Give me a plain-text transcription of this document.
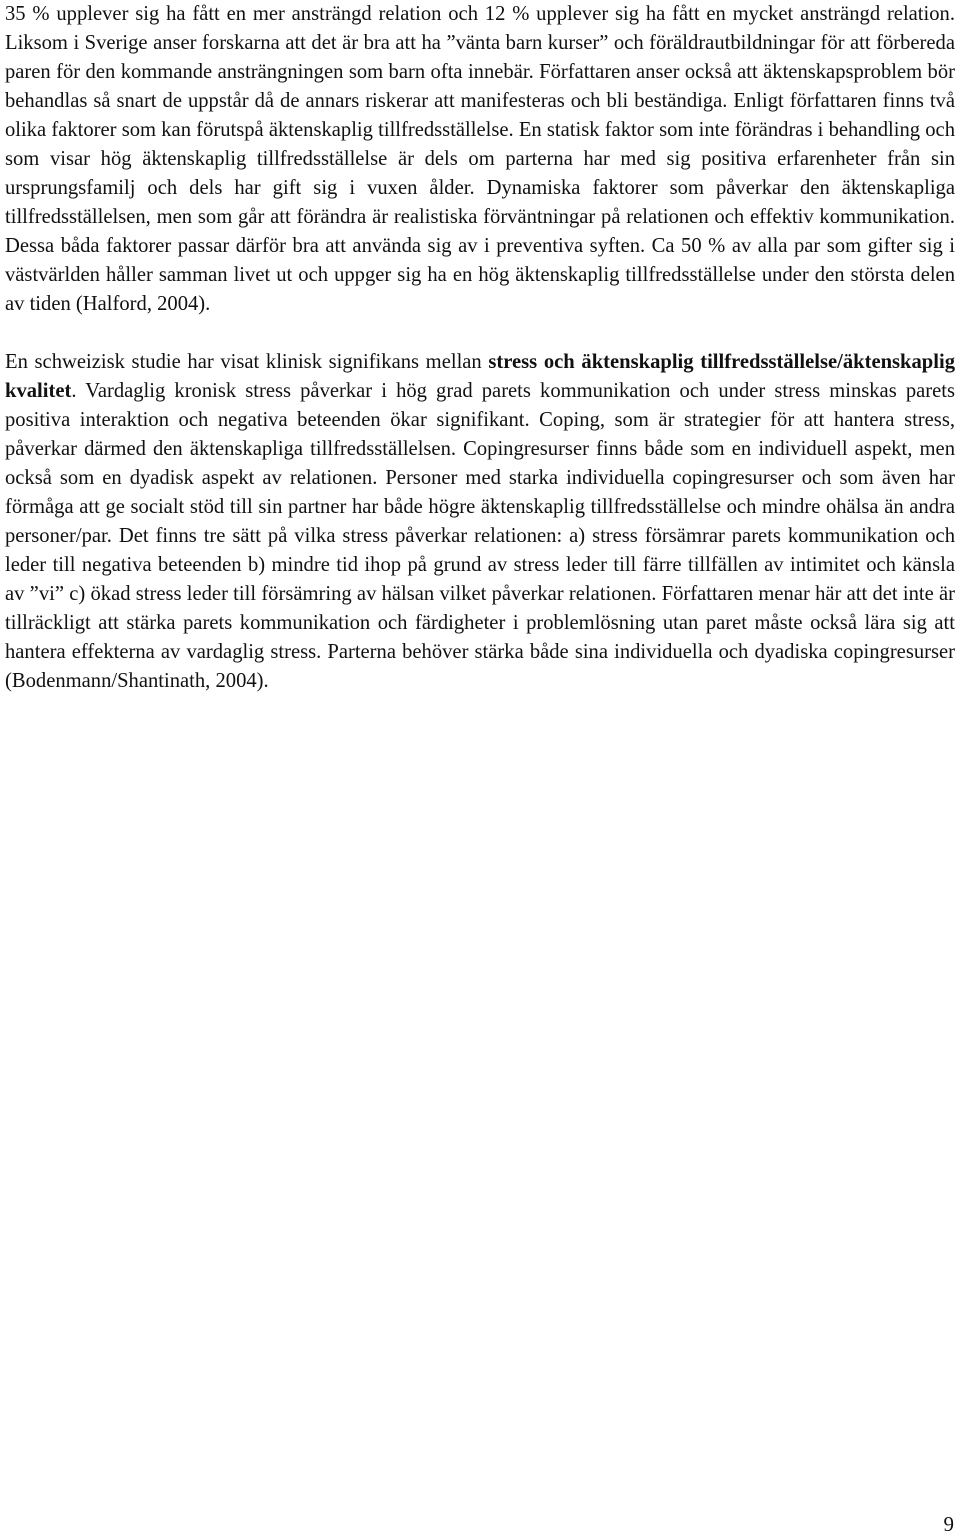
35 % upplever sig ha fått en mer ansträngd relation och 12 % upplever sig ha fått en mycket ansträngd relation. Liksom i Sverige anser forskarna att det är bra att ha ”vänta barn kurser” och föräldrautbildningar för att förbereda paren för den kommande ansträngningen som barn ofta innebär. Författaren anser också att äktenskapsproblem bör behandlas så snart de uppstår då de annars riskerar att manifesteras och bli beständiga. Enligt författaren finns två olika faktorer som kan förutspå äktenskaplig tillfredsställelse. En statisk faktor som inte förändras i behandling och som visar hög äktenskaplig tillfredsställelse är dels om parterna har med sig positiva erfarenheter från sin ursprungsfamilj och dels har gift sig i vuxen ålder. Dynamiska faktorer som påverkar den äktenskapliga tillfredsställelsen, men som går att förändra är realistiska förväntningar på relationen och effektiv kommunikation. Dessa båda faktorer passar därför bra att använda sig av i preventiva syften. Ca 50 % av alla par som gifter sig i västvärlden håller samman livet ut och uppger sig ha en hög äktenskaplig tillfredsställelse under den största delen av tiden (Halford, 2004).

En schweizisk studie har visat klinisk signifikans mellan stress och äktenskaplig tillfredsställelse/äktenskaplig kvalitet. Vardaglig kronisk stress påverkar i hög grad parets kommunikation och under stress minskas parets positiva interaktion och negativa beteenden ökar signifikant. Coping, som är strategier för att hantera stress, påverkar därmed den äktenskapliga tillfredsställelsen. Copingresurser finns både som en individuell aspekt, men också som en dyadisk aspekt av relationen. Personer med starka individuella copingresurser och som även har förmåga att ge socialt stöd till sin partner har både högre äktenskaplig tillfredsställelse och mindre ohälsa än andra personer/par. Det finns tre sätt på vilka stress påverkar relationen: a) stress försämrar parets kommunikation och leder till negativa beteenden b) mindre tid ihop på grund av stress leder till färre tillfällen av intimitet och känsla av ”vi” c) ökad stress leder till försämring av hälsan vilket påverkar relationen. Författaren menar här att det inte är tillräckligt att stärka parets kommunikation och färdigheter i problemlösning utan paret måste också lära sig att hantera effekterna av vardaglig stress. Parterna behöver stärka både sina individuella och dyadiska copingresurser (Bodenmann/Shantinath, 2004).

9
